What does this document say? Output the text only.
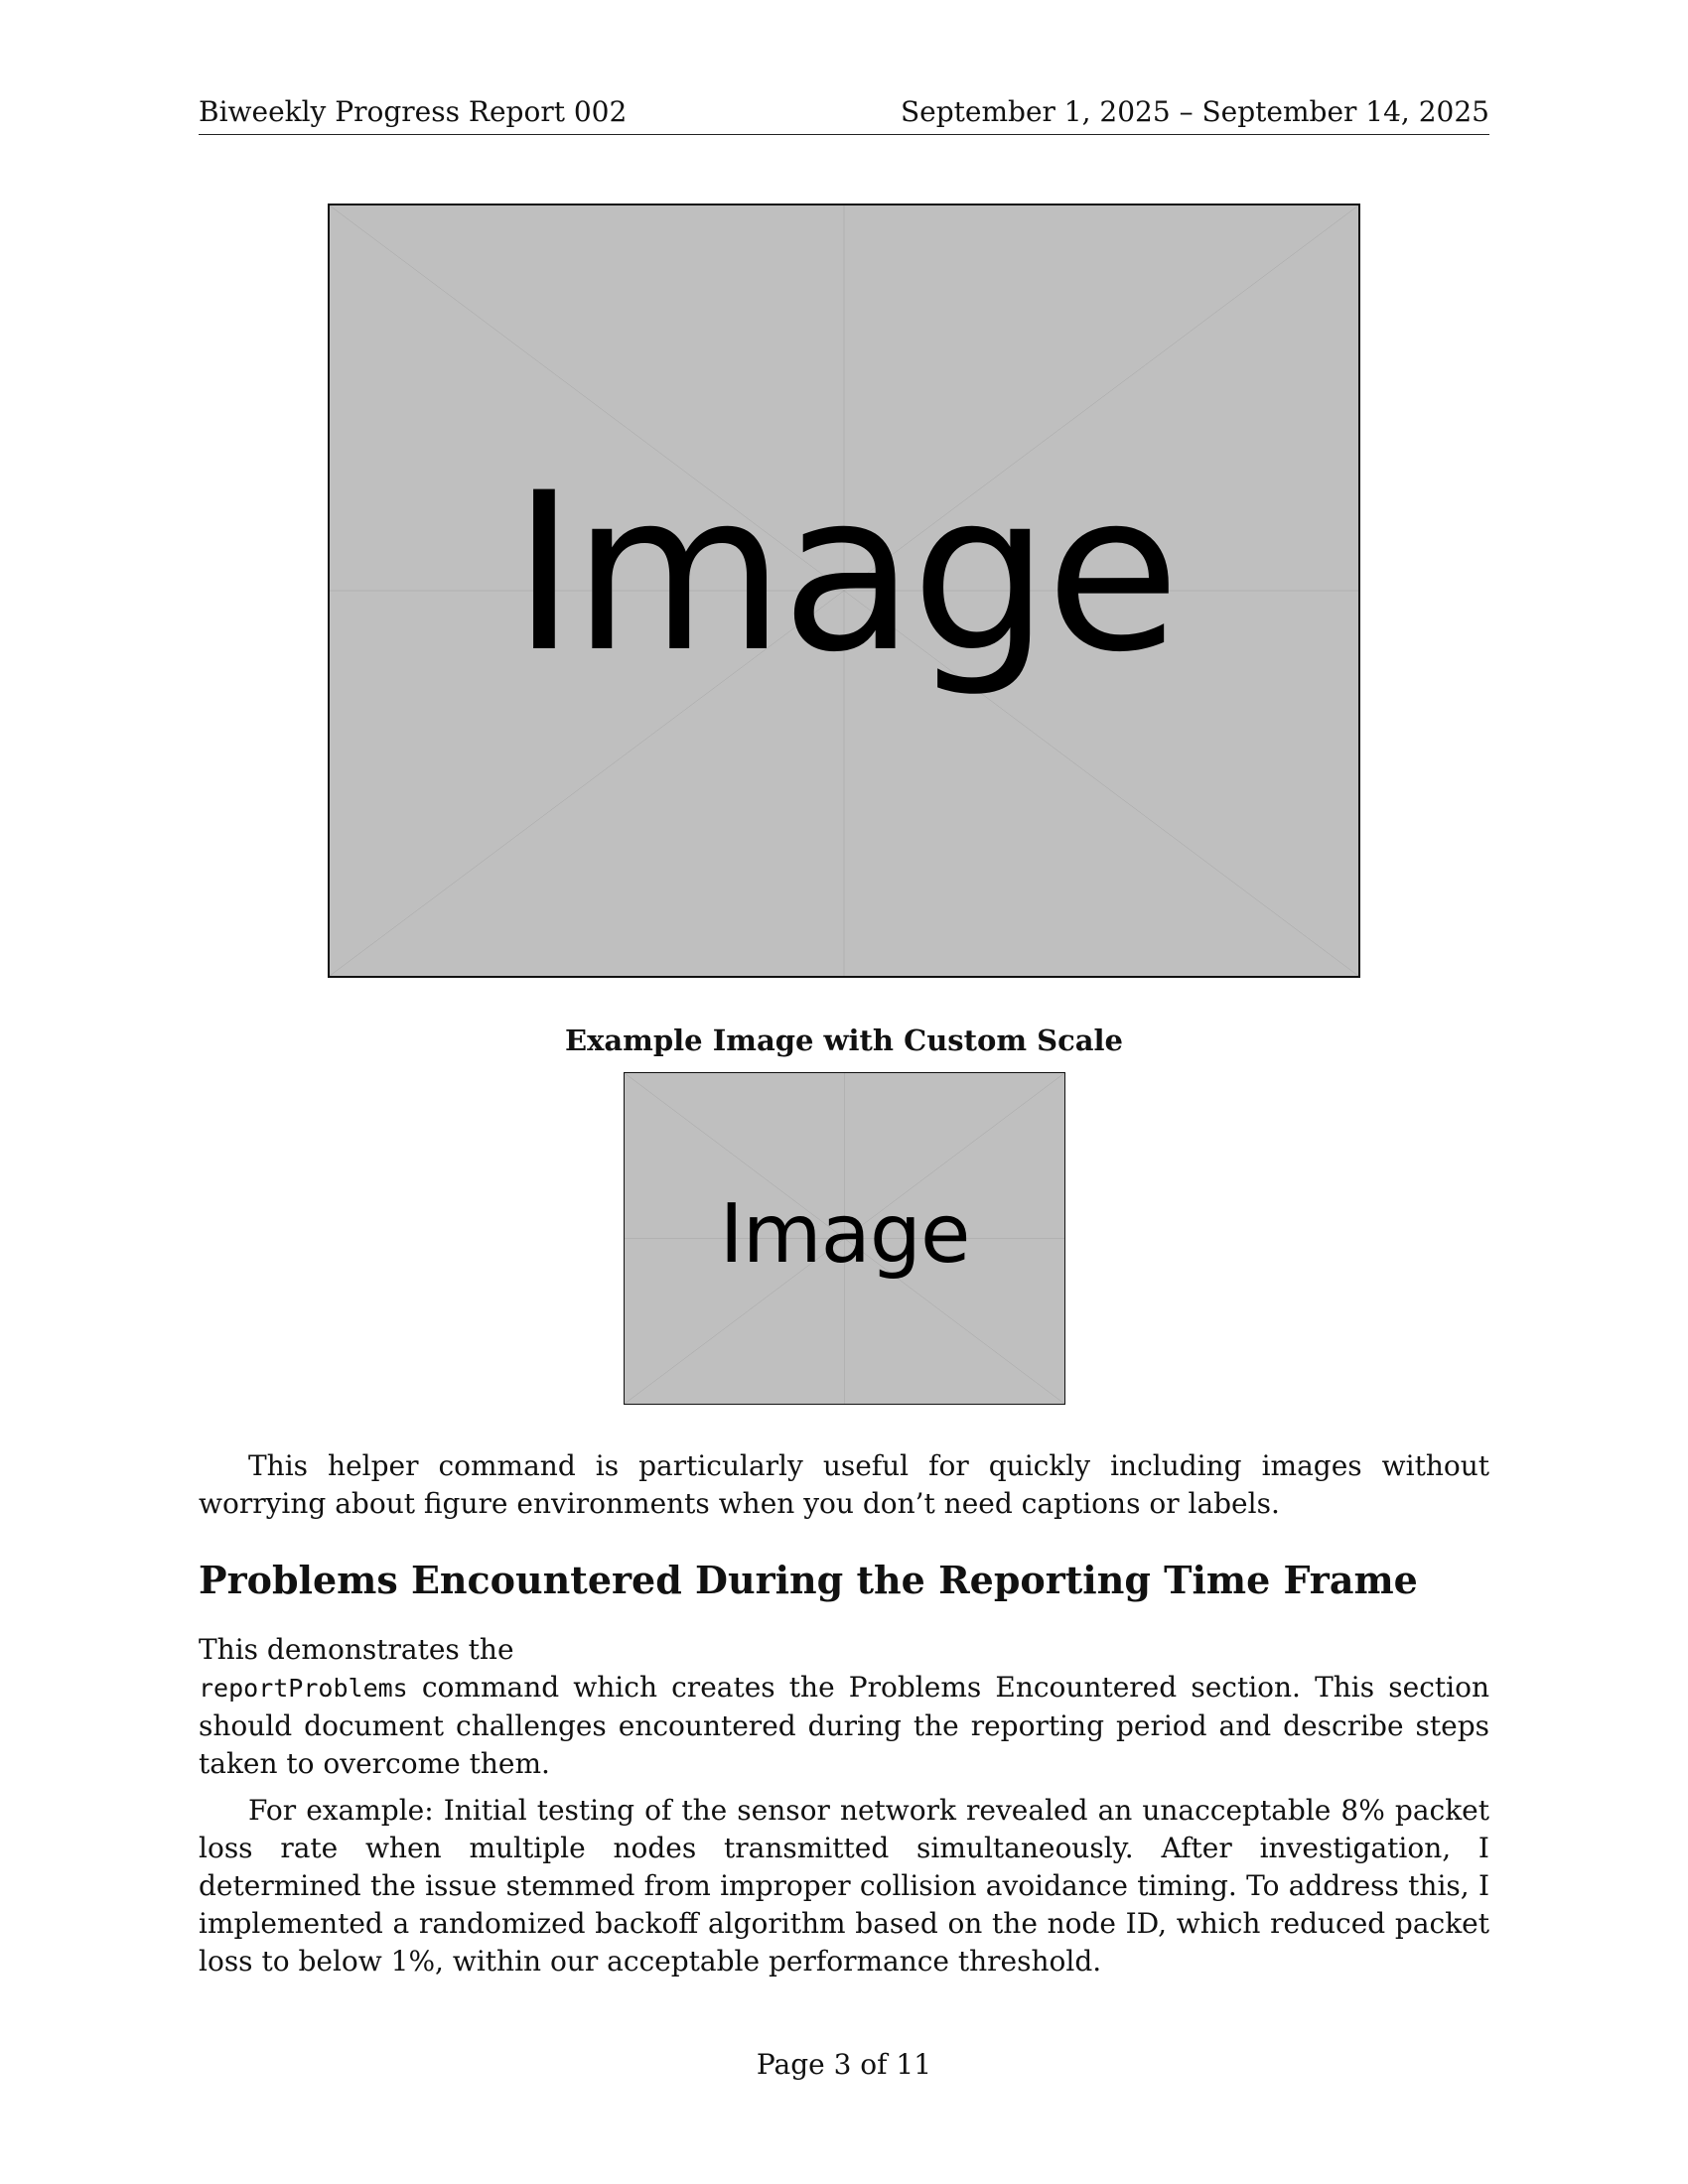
Biweekly Progress Report 002	September 1, 2025 – September 14, 2025
Image
Example Image with Custom Scale
Image

This helper command is particularly useful for quickly including images without worrying about figure environments when you don’t need captions or labels.

Problems Encountered During the Reporting Time Frame

This demonstrates the
reportProblems command which creates the Problems Encountered section. This section should document challenges encountered during the reporting period and describe steps taken to overcome them.

For example: Initial testing of the sensor network revealed an unacceptable 8% packet loss rate when multiple nodes transmitted simultaneously. After investigation, I determined the issue stemmed from improper collision avoidance timing. To address this, I implemented a randomized backoff algorithm based on the node ID, which reduced packet loss to below 1%, within our acceptable performance threshold.

Page 3 of 11
